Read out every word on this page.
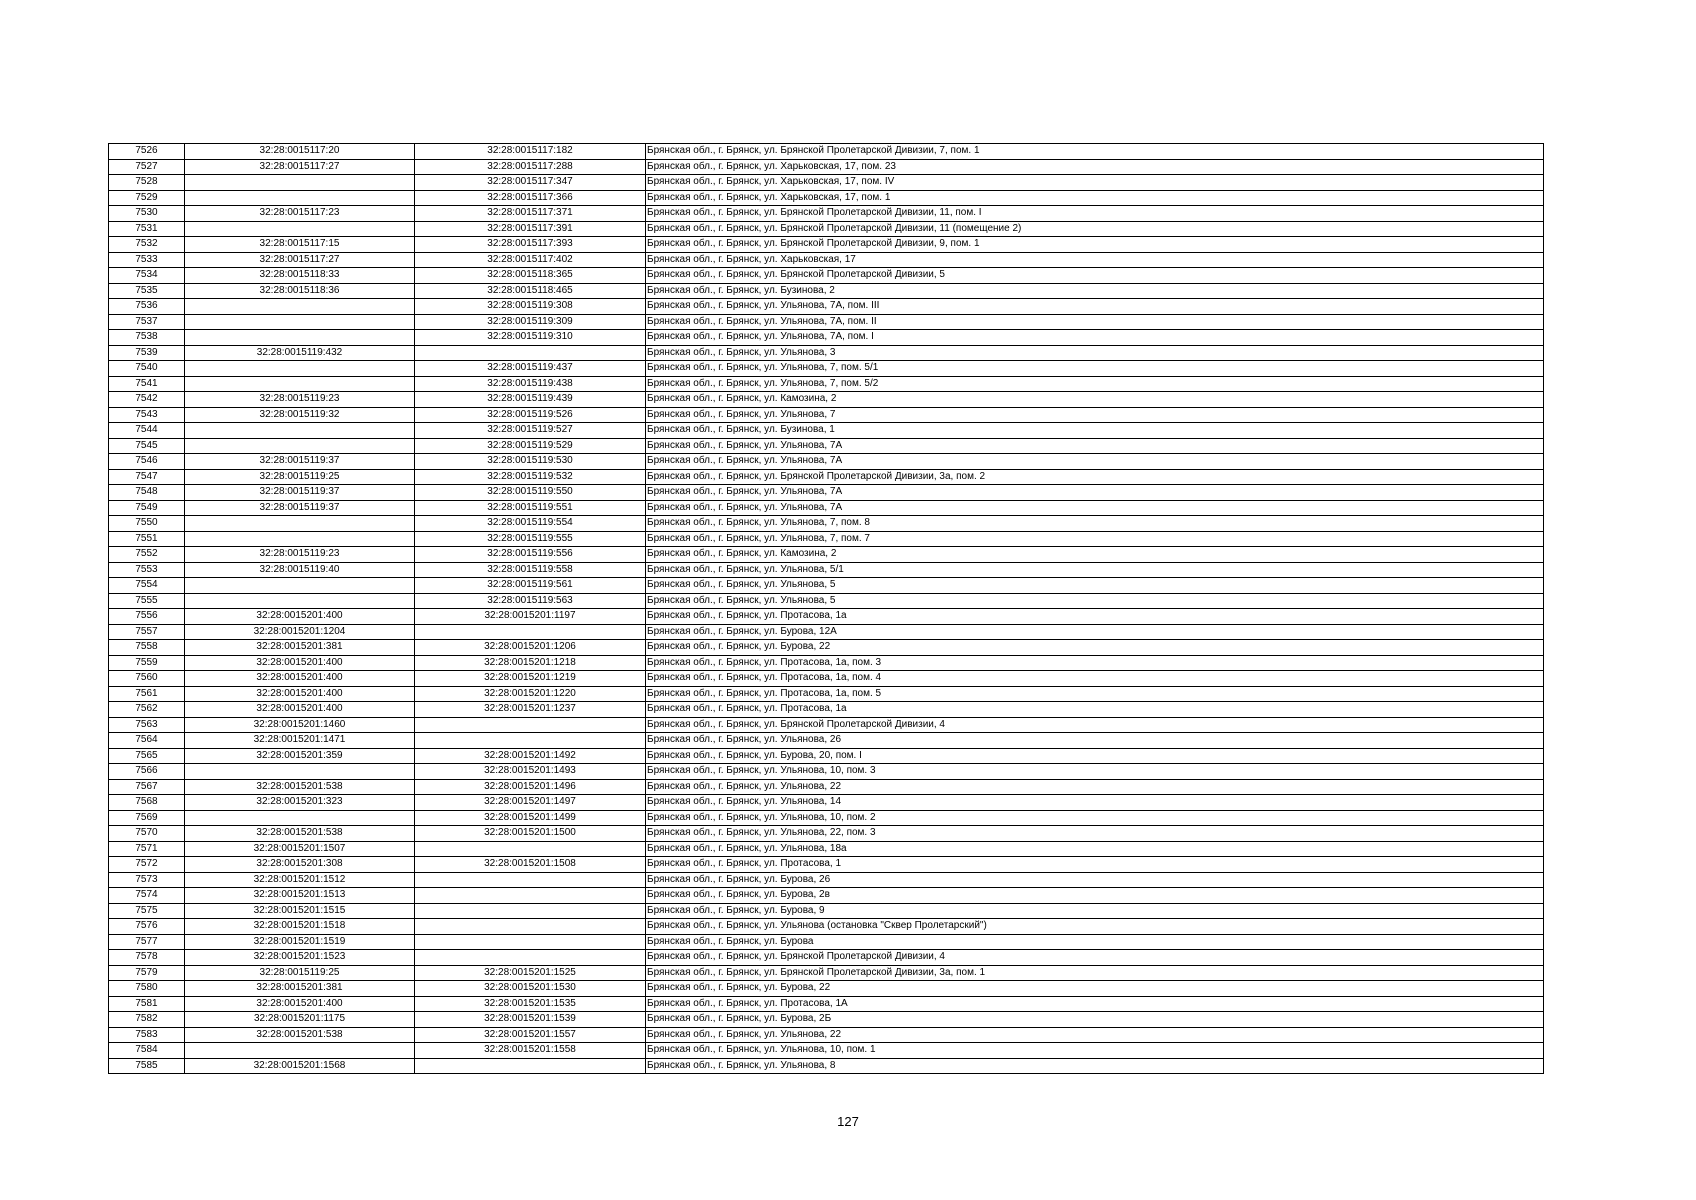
7526	32:28:0015117:20	32:28:0015117:182	Брянская обл., г. Брянск, ул. Брянской Пролетарской Дивизии, 7, пом. 1
7527	32:28:0015117:27	32:28:0015117:288	Брянская обл., г. Брянск, ул. Харьковская, 17, пом. 23
7528		32:28:0015117:347	Брянская обл., г. Брянск, ул. Харьковская, 17, пом. IV
7529		32:28:0015117:366	Брянская обл., г. Брянск, ул. Харьковская, 17, пом. 1
7530	32:28:0015117:23	32:28:0015117:371	Брянская обл., г. Брянск, ул. Брянской Пролетарской Дивизии, 11, пом. I
7531		32:28:0015117:391	Брянская обл., г. Брянск, ул. Брянской Пролетарской Дивизии, 11 (помещение 2)
7532	32:28:0015117:15	32:28:0015117:393	Брянская обл., г. Брянск, ул. Брянской Пролетарской Дивизии, 9, пом. 1
7533	32:28:0015117:27	32:28:0015117:402	Брянская обл., г. Брянск, ул. Харьковская, 17
7534	32:28:0015118:33	32:28:0015118:365	Брянская обл., г. Брянск, ул. Брянской Пролетарской Дивизии, 5
7535	32:28:0015118:36	32:28:0015118:465	Брянская обл., г. Брянск, ул. Бузинова, 2
7536		32:28:0015119:308	Брянская обл., г. Брянск, ул. Ульянова, 7А, пом. III
7537		32:28:0015119:309	Брянская обл., г. Брянск, ул. Ульянова, 7А, пом. II
7538		32:28:0015119:310	Брянская обл., г. Брянск, ул. Ульянова, 7А, пом. I
7539	32:28:0015119:432		Брянская обл., г. Брянск, ул. Ульянова, 3
7540		32:28:0015119:437	Брянская обл., г. Брянск, ул. Ульянова, 7, пом. 5/1
7541		32:28:0015119:438	Брянская обл., г. Брянск, ул. Ульянова, 7, пом. 5/2
7542	32:28:0015119:23	32:28:0015119:439	Брянская обл., г. Брянск, ул. Камозина, 2
7543	32:28:0015119:32	32:28:0015119:526	Брянская обл., г. Брянск, ул. Ульянова, 7
7544		32:28:0015119:527	Брянская обл., г. Брянск, ул. Бузинова, 1
7545		32:28:0015119:529	Брянская обл., г. Брянск, ул. Ульянова, 7А
7546	32:28:0015119:37	32:28:0015119:530	Брянская обл., г. Брянск, ул. Ульянова, 7А
7547	32:28:0015119:25	32:28:0015119:532	Брянская обл., г. Брянск, ул. Брянской Пролетарской Дивизии, 3а, пом. 2
7548	32:28:0015119:37	32:28:0015119:550	Брянская обл., г. Брянск, ул. Ульянова, 7А
7549	32:28:0015119:37	32:28:0015119:551	Брянская обл., г. Брянск, ул. Ульянова, 7А
7550		32:28:0015119:554	Брянская обл., г. Брянск, ул. Ульянова, 7, пом. 8
7551		32:28:0015119:555	Брянская обл., г. Брянск, ул. Ульянова, 7, пом. 7
7552	32:28:0015119:23	32:28:0015119:556	Брянская обл., г. Брянск, ул. Камозина, 2
7553	32:28:0015119:40	32:28:0015119:558	Брянская обл., г. Брянск, ул. Ульянова, 5/1
7554		32:28:0015119:561	Брянская обл., г. Брянск, ул. Ульянова, 5
7555		32:28:0015119:563	Брянская обл., г. Брянск, ул. Ульянова, 5
7556	32:28:0015201:400	32:28:0015201:1197	Брянская обл., г. Брянск, ул. Протасова, 1а
7557	32:28:0015201:1204		Брянская обл., г. Брянск, ул. Бурова, 12А
7558	32:28:0015201:381	32:28:0015201:1206	Брянская обл., г. Брянск, ул. Бурова, 22
7559	32:28:0015201:400	32:28:0015201:1218	Брянская обл., г. Брянск, ул. Протасова, 1а, пом. 3
7560	32:28:0015201:400	32:28:0015201:1219	Брянская обл., г. Брянск, ул. Протасова, 1а, пом. 4
7561	32:28:0015201:400	32:28:0015201:1220	Брянская обл., г. Брянск, ул. Протасова, 1а, пом. 5
7562	32:28:0015201:400	32:28:0015201:1237	Брянская обл., г. Брянск, ул. Протасова, 1а
7563	32:28:0015201:1460		Брянская обл., г. Брянск, ул. Брянской Пролетарской Дивизии, 4
7564	32:28:0015201:1471		Брянская обл., г. Брянск, ул. Ульянова, 26
7565	32:28:0015201:359	32:28:0015201:1492	Брянская обл., г. Брянск, ул. Бурова, 20, пом. I
7566		32:28:0015201:1493	Брянская обл., г. Брянск, ул. Ульянова, 10, пом. 3
7567	32:28:0015201:538	32:28:0015201:1496	Брянская обл., г. Брянск, ул. Ульянова, 22
7568	32:28:0015201:323	32:28:0015201:1497	Брянская обл., г. Брянск, ул. Ульянова, 14
7569		32:28:0015201:1499	Брянская обл., г. Брянск, ул. Ульянова, 10, пом. 2
7570	32:28:0015201:538	32:28:0015201:1500	Брянская обл., г. Брянск, ул. Ульянова, 22, пом. 3
7571	32:28:0015201:1507		Брянская обл., г. Брянск, ул. Ульянова, 18а
7572	32:28:0015201:308	32:28:0015201:1508	Брянская обл., г. Брянск, ул. Протасова, 1
7573	32:28:0015201:1512		Брянская обл., г. Брянск, ул. Бурова, 26
7574	32:28:0015201:1513		Брянская обл., г. Брянск, ул. Бурова, 2в
7575	32:28:0015201:1515		Брянская обл., г. Брянск, ул. Бурова, 9
7576	32:28:0015201:1518		Брянская обл., г. Брянск, ул. Ульянова (остановка "Сквер Пролетарский")
7577	32:28:0015201:1519		Брянская обл., г. Брянск, ул. Бурова
7578	32:28:0015201:1523		Брянская обл., г. Брянск, ул. Брянской Пролетарской Дивизии, 4
7579	32:28:0015119:25	32:28:0015201:1525	Брянская обл., г. Брянск, ул. Брянской Пролетарской Дивизии, 3а, пом. 1
7580	32:28:0015201:381	32:28:0015201:1530	Брянская обл., г. Брянск, ул. Бурова, 22
7581	32:28:0015201:400	32:28:0015201:1535	Брянская обл., г. Брянск, ул. Протасова, 1А
7582	32:28:0015201:1175	32:28:0015201:1539	Брянская обл., г. Брянск, ул. Бурова, 2Б
7583	32:28:0015201:538	32:28:0015201:1557	Брянская обл., г. Брянск, ул. Ульянова, 22
7584		32:28:0015201:1558	Брянская обл., г. Брянск, ул. Ульянова, 10, пом. 1
7585	32:28:0015201:1568		Брянская обл., г. Брянск, ул. Ульянова, 8
127
